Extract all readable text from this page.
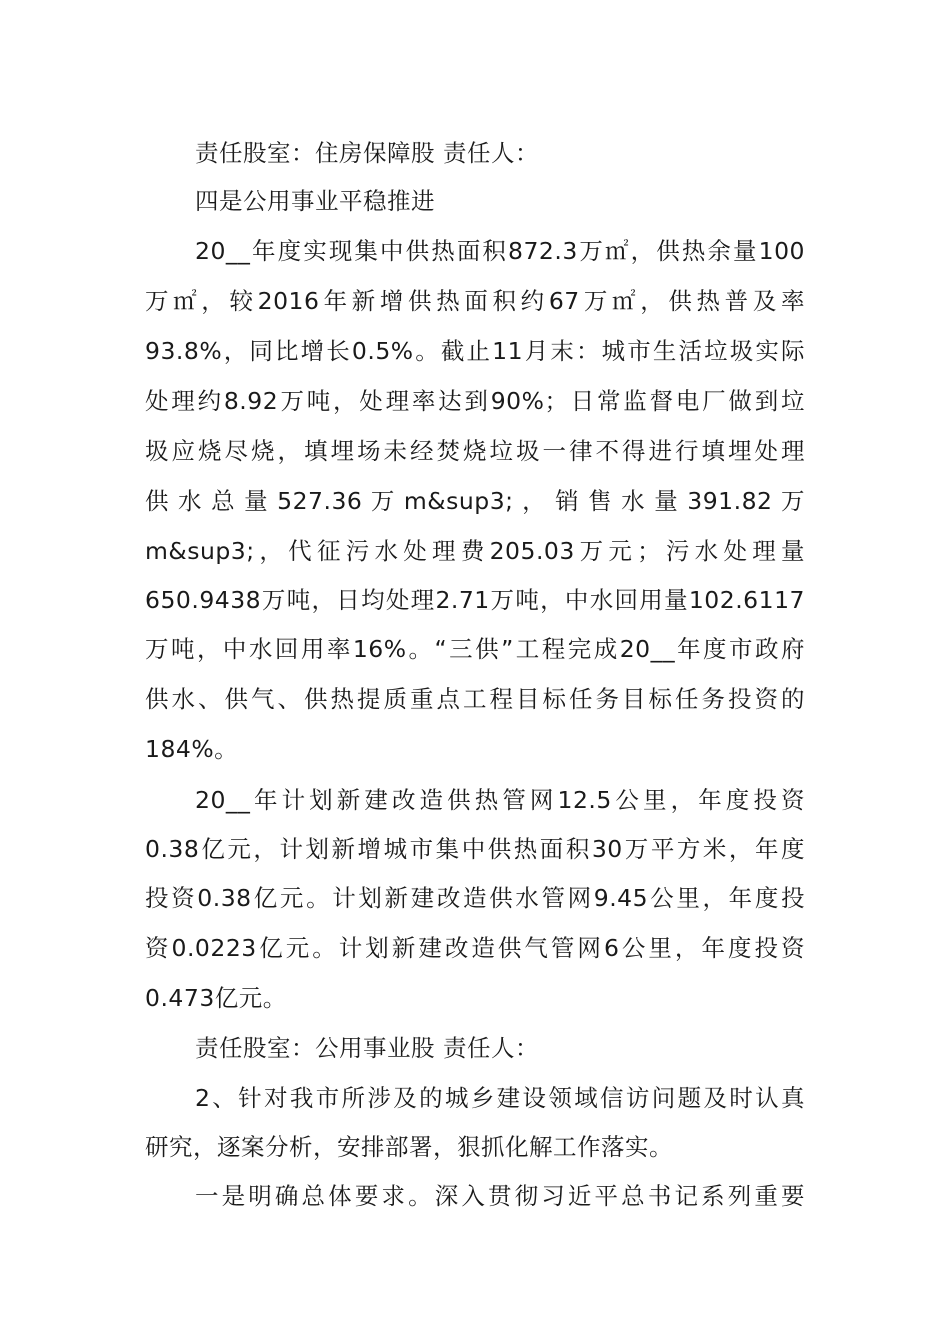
责任股室：住房保障股 责任人：
四是公用事业平稳推进
20__年度实现集中供热面积872.3万㎡，供热余量100
万㎡，较2016年新增供热面积约67万㎡，供热普及率
93.8%，同比增长0.5%。截止11月末：城市生活垃圾实际
处理约8.92万吨，处理率达到90%；日常监督电厂做到垃
圾应烧尽烧，填埋场未经焚烧垃圾一律不得进行填埋处理
供 水 总 量 527.36 万 m&sup3; ， 销 售 水 量 391.82 万
m&sup3;，代征污水处理费205.03万元；污水处理量
650.9438万吨，日均处理2.71万吨，中水回用量102.6117
万吨，中水回用率16%。“三供”工程完成20__年度市政府
供水、供气、供热提质重点工程目标任务目标任务投资的
184%。
20__年计划新建改造供热管网12.5公里，年度投资
0.38亿元，计划新增城市集中供热面积30万平方米，年度
投资0.38亿元。计划新建改造供水管网9.45公里，年度投
资0.0223亿元。计划新建改造供气管网6公里，年度投资
0.473亿元。
责任股室：公用事业股 责任人：
2、针对我市所涉及的城乡建设领域信访问题及时认真
研究，逐案分析，安排部署，狠抓化解工作落实。
一是明确总体要求。深入贯彻习近平总书记系列重要
